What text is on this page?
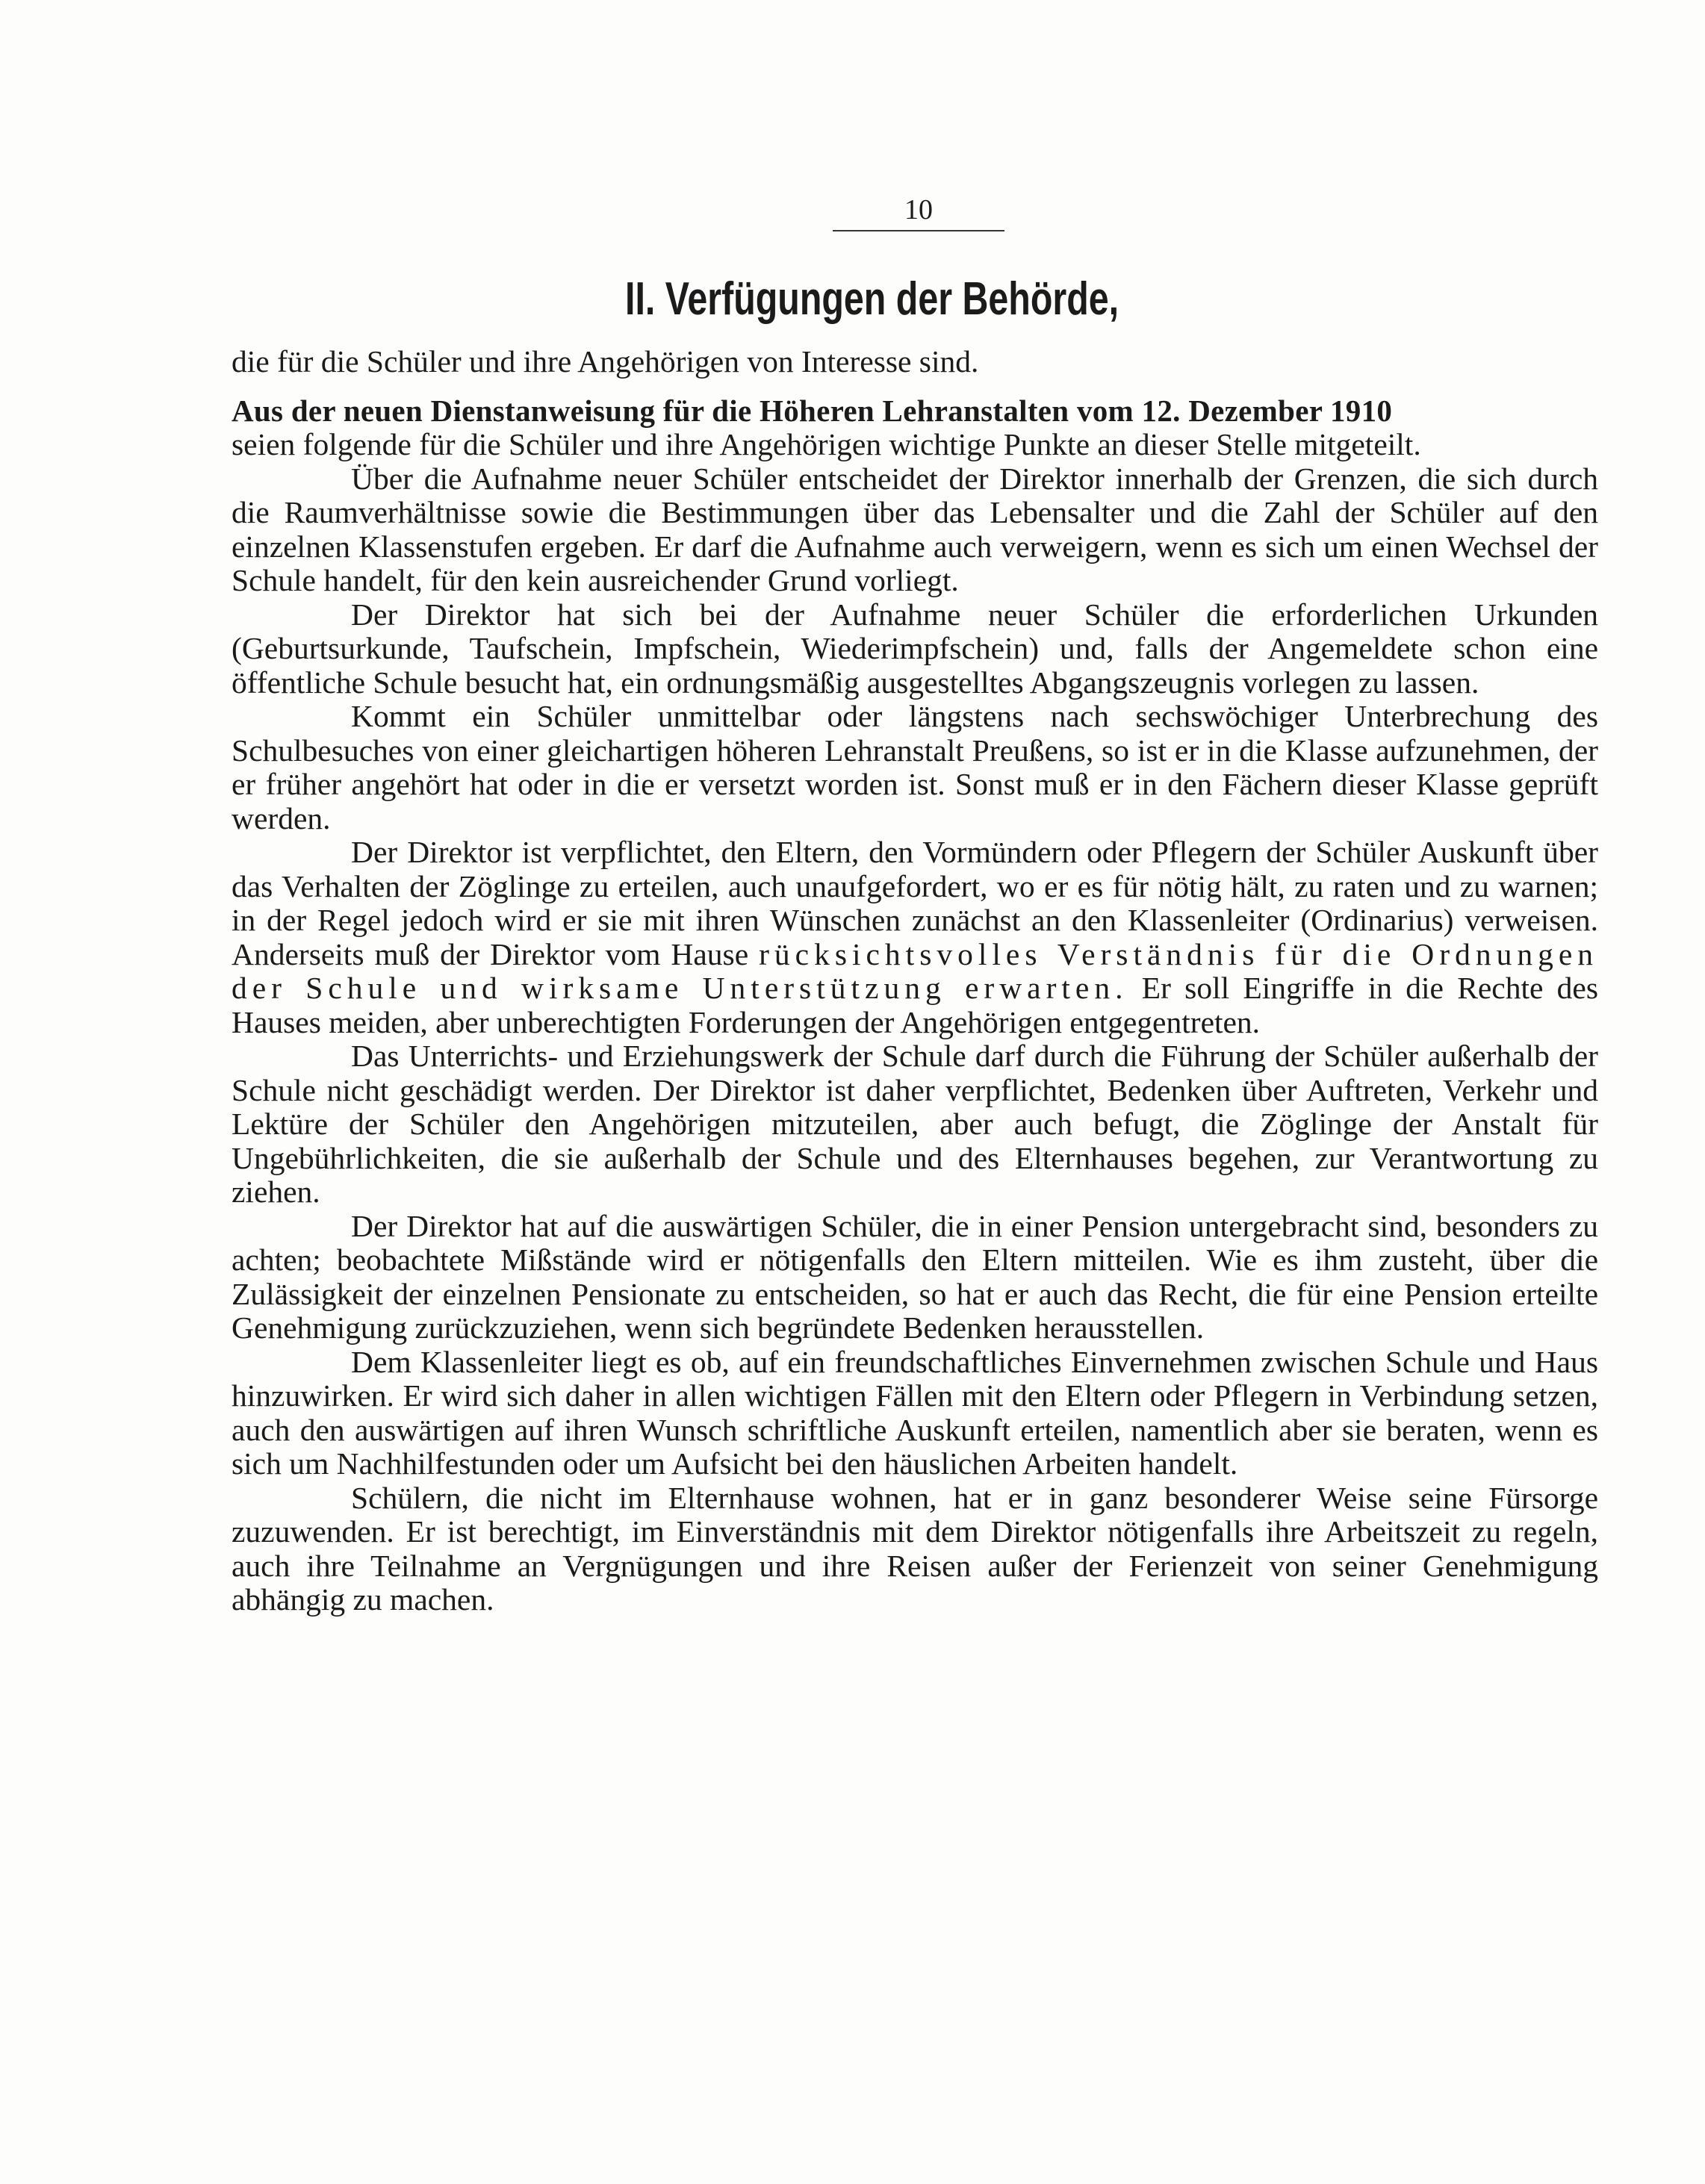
10
II. Verfügungen der Behörde,

die für die Schüler und ihre Angehörigen von Interesse sind.

Aus der neuen Dienstanweisung für die Höheren Lehranstalten vom 12. Dezember 1910

seien folgende für die Schüler und ihre Angehörigen wichtige Punkte an dieser Stelle mitgeteilt.

Über die Aufnahme neuer Schüler entscheidet der Direktor innerhalb der Grenzen, die sich durch die Raumverhältnisse sowie die Bestimmungen über das Lebensalter und die Zahl der Schüler auf den einzelnen Klassenstufen ergeben. Er darf die Aufnahme auch verweigern, wenn es sich um einen Wechsel der Schule handelt, für den kein ausreichender Grund vorliegt.

Der Direktor hat sich bei der Aufnahme neuer Schüler die erforderlichen Urkunden (Geburtsurkunde, Taufschein, Impfschein, Wiederimpfschein) und, falls der Angemeldete schon eine öffentliche Schule besucht hat, ein ordnungsmäßig ausgestelltes Abgangszeugnis vorlegen zu lassen.

Kommt ein Schüler unmittelbar oder längstens nach sechswöchiger Unterbrechung des Schulbesuches von einer gleichartigen höheren Lehranstalt Preußens, so ist er in die Klasse aufzunehmen, der er früher angehört hat oder in die er versetzt worden ist. Sonst muß er in den Fächern dieser Klasse geprüft werden.

Der Direktor ist verpflichtet, den Eltern, den Vormündern oder Pflegern der Schüler Auskunft über das Verhalten der Zöglinge zu erteilen, auch unaufgefordert, wo er es für nötig hält, zu raten und zu warnen; in der Regel jedoch wird er sie mit ihren Wünschen zunächst an den Klassenleiter (Ordinarius) verweisen. Anderseits muß der Direktor vom Hause rücksichtsvolles Verständnis für die Ordnungen der Schule und wirksame Unterstützung erwarten. Er soll Eingriffe in die Rechte des Hauses meiden, aber unberechtigten Forderungen der Angehörigen entgegentreten.

Das Unterrichts- und Erziehungswerk der Schule darf durch die Führung der Schüler außerhalb der Schule nicht geschädigt werden. Der Direktor ist daher verpflichtet, Bedenken über Auftreten, Verkehr und Lektüre der Schüler den Angehörigen mitzuteilen, aber auch befugt, die Zöglinge der Anstalt für Ungebührlichkeiten, die sie außerhalb der Schule und des Elternhauses begehen, zur Verantwortung zu ziehen.

Der Direktor hat auf die auswärtigen Schüler, die in einer Pension untergebracht sind, besonders zu achten; beobachtete Mißstände wird er nötigenfalls den Eltern mitteilen. Wie es ihm zusteht, über die Zulässigkeit der einzelnen Pensionate zu entscheiden, so hat er auch das Recht, die für eine Pension erteilte Genehmigung zurückzuziehen, wenn sich begründete Bedenken herausstellen.

Dem Klassenleiter liegt es ob, auf ein freundschaftliches Einvernehmen zwischen Schule und Haus hinzuwirken. Er wird sich daher in allen wichtigen Fällen mit den Eltern oder Pflegern in Verbindung setzen, auch den auswärtigen auf ihren Wunsch schriftliche Auskunft erteilen, namentlich aber sie beraten, wenn es sich um Nachhilfestunden oder um Aufsicht bei den häuslichen Arbeiten handelt.

Schülern, die nicht im Elternhause wohnen, hat er in ganz besonderer Weise seine Fürsorge zuzuwenden. Er ist berechtigt, im Einverständnis mit dem Direktor nötigenfalls ihre Arbeitszeit zu regeln, auch ihre Teilnahme an Vergnügungen und ihre Reisen außer der Ferienzeit von seiner Genehmigung abhängig zu machen.
